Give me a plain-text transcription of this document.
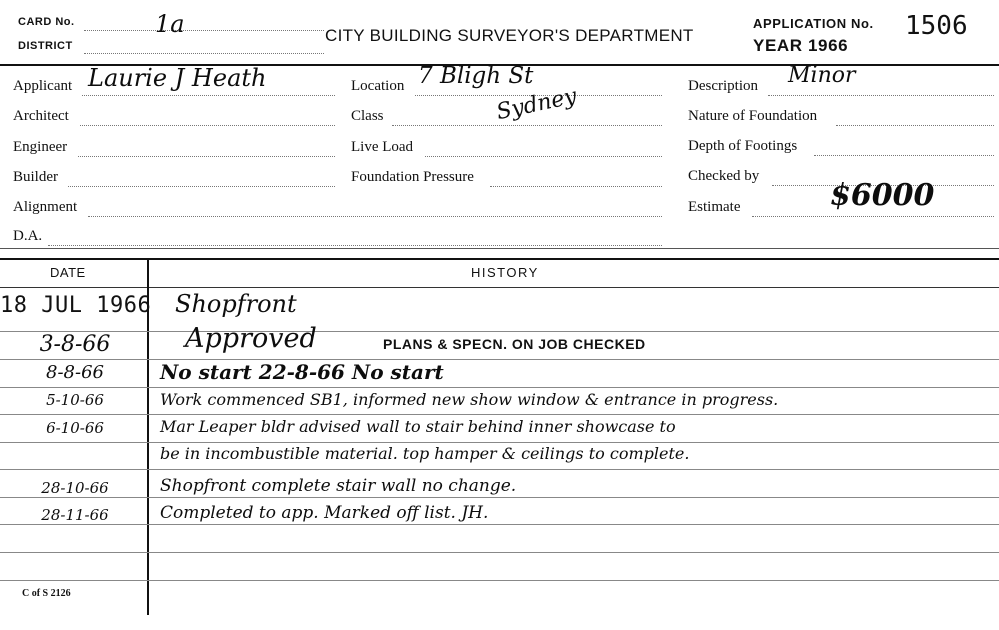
CARD No.	1a
DISTRICT
CITY BUILDING SURVEYOR'S DEPARTMENT
APPLICATION No. 1506
YEAR 1966
Applicant Laurie J Heath
Architect
Engineer
Builder
Alignment
D.A.
Location 7 Bligh St
Class	Sydney
Live Load
Foundation Pressure
Description Minor
Nature of Foundation
Depth of Footings
Checked by
Estimate	$6000
DATE	HISTORY
18 JUL 1966 Shopfront
3-8-66	Approved	PLANS & SPECN. ON JOB CHECKED
8-8-66	No start 22-8-66 No start
5-10-66	Work commenced SB1, informed new show window & entrance in progress.
6-10-66	Mar Leaper bldr advised wall to stair behind inner showcase to
be in incombustible material. top hamper & ceilings to complete.
28-10-66	Shopfront complete stair wall no change.
28-11-66	Completed to app. Marked off list. JH.
C of S 2126
